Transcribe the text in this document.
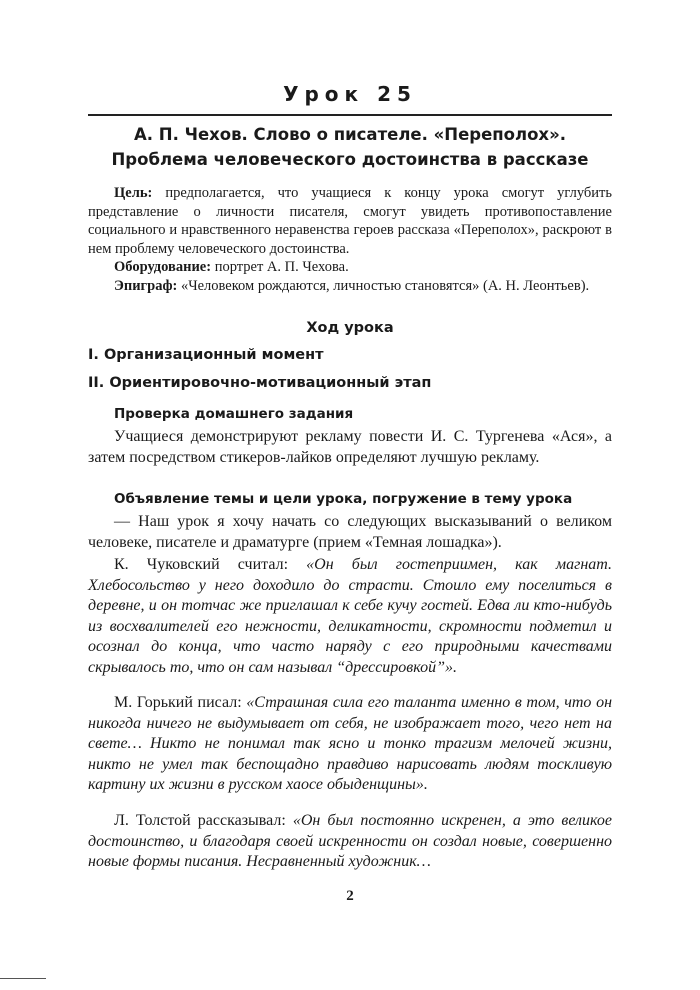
Урок 25
А. П. Чехов. Слово о писателе. «Переполох».
Проблема человеческого достоинства в рассказе
Цель: предполагается, что учащиеся к концу урока смогут углубить представление о личности писателя, смогут увидеть противопоставление социального и нравственного неравенства героев рассказа «Переполох», раскроют в нем проблему человеческого достоинства.
Оборудование: портрет А. П. Чехова.
Эпиграф: «Человеком рождаются, личностью становятся» (А. Н. Леонтьев).
Ход урока
I. Организационный момент
II. Ориентировочно-мотивационный этап
Проверка домашнего задания
Учащиеся демонстрируют рекламу повести И. С. Тургенева «Ася», а затем посредством стикеров-лайков определяют лучшую рекламу.
Объявление темы и цели урока, погружение в тему урока
— Наш урок я хочу начать со следующих высказываний о великом человеке, писателе и драматурге (прием «Темная лошадка»).
К. Чуковский считал: «Он был гостеприимен, как магнат. Хлебосольство у него доходило до страсти. Стоило ему поселиться в деревне, и он тотчас же приглашал к себе кучу гостей. Едва ли кто-нибудь из восхвалителей его нежности, деликатности, скромности подметил и осознал до конца, что часто наряду с его природными качествами скрывалось то, что он сам называл “дрессировкой”».
М. Горький писал: «Страшная сила его таланта именно в том, что он никогда ничего не выдумывает от себя, не изображает того, чего нет на свете… Никто не понимал так ясно и тонко трагизм мелочей жизни, никто не умел так беспощадно правдиво нарисовать людям тоскливую картину их жизни в русском хаосе обыденщины».
Л. Толстой рассказывал: «Он был постоянно искренен, а это великое достоинство, и благодаря своей искренности он создал новые, совершенно новые формы писания. Несравненный художник…
2
